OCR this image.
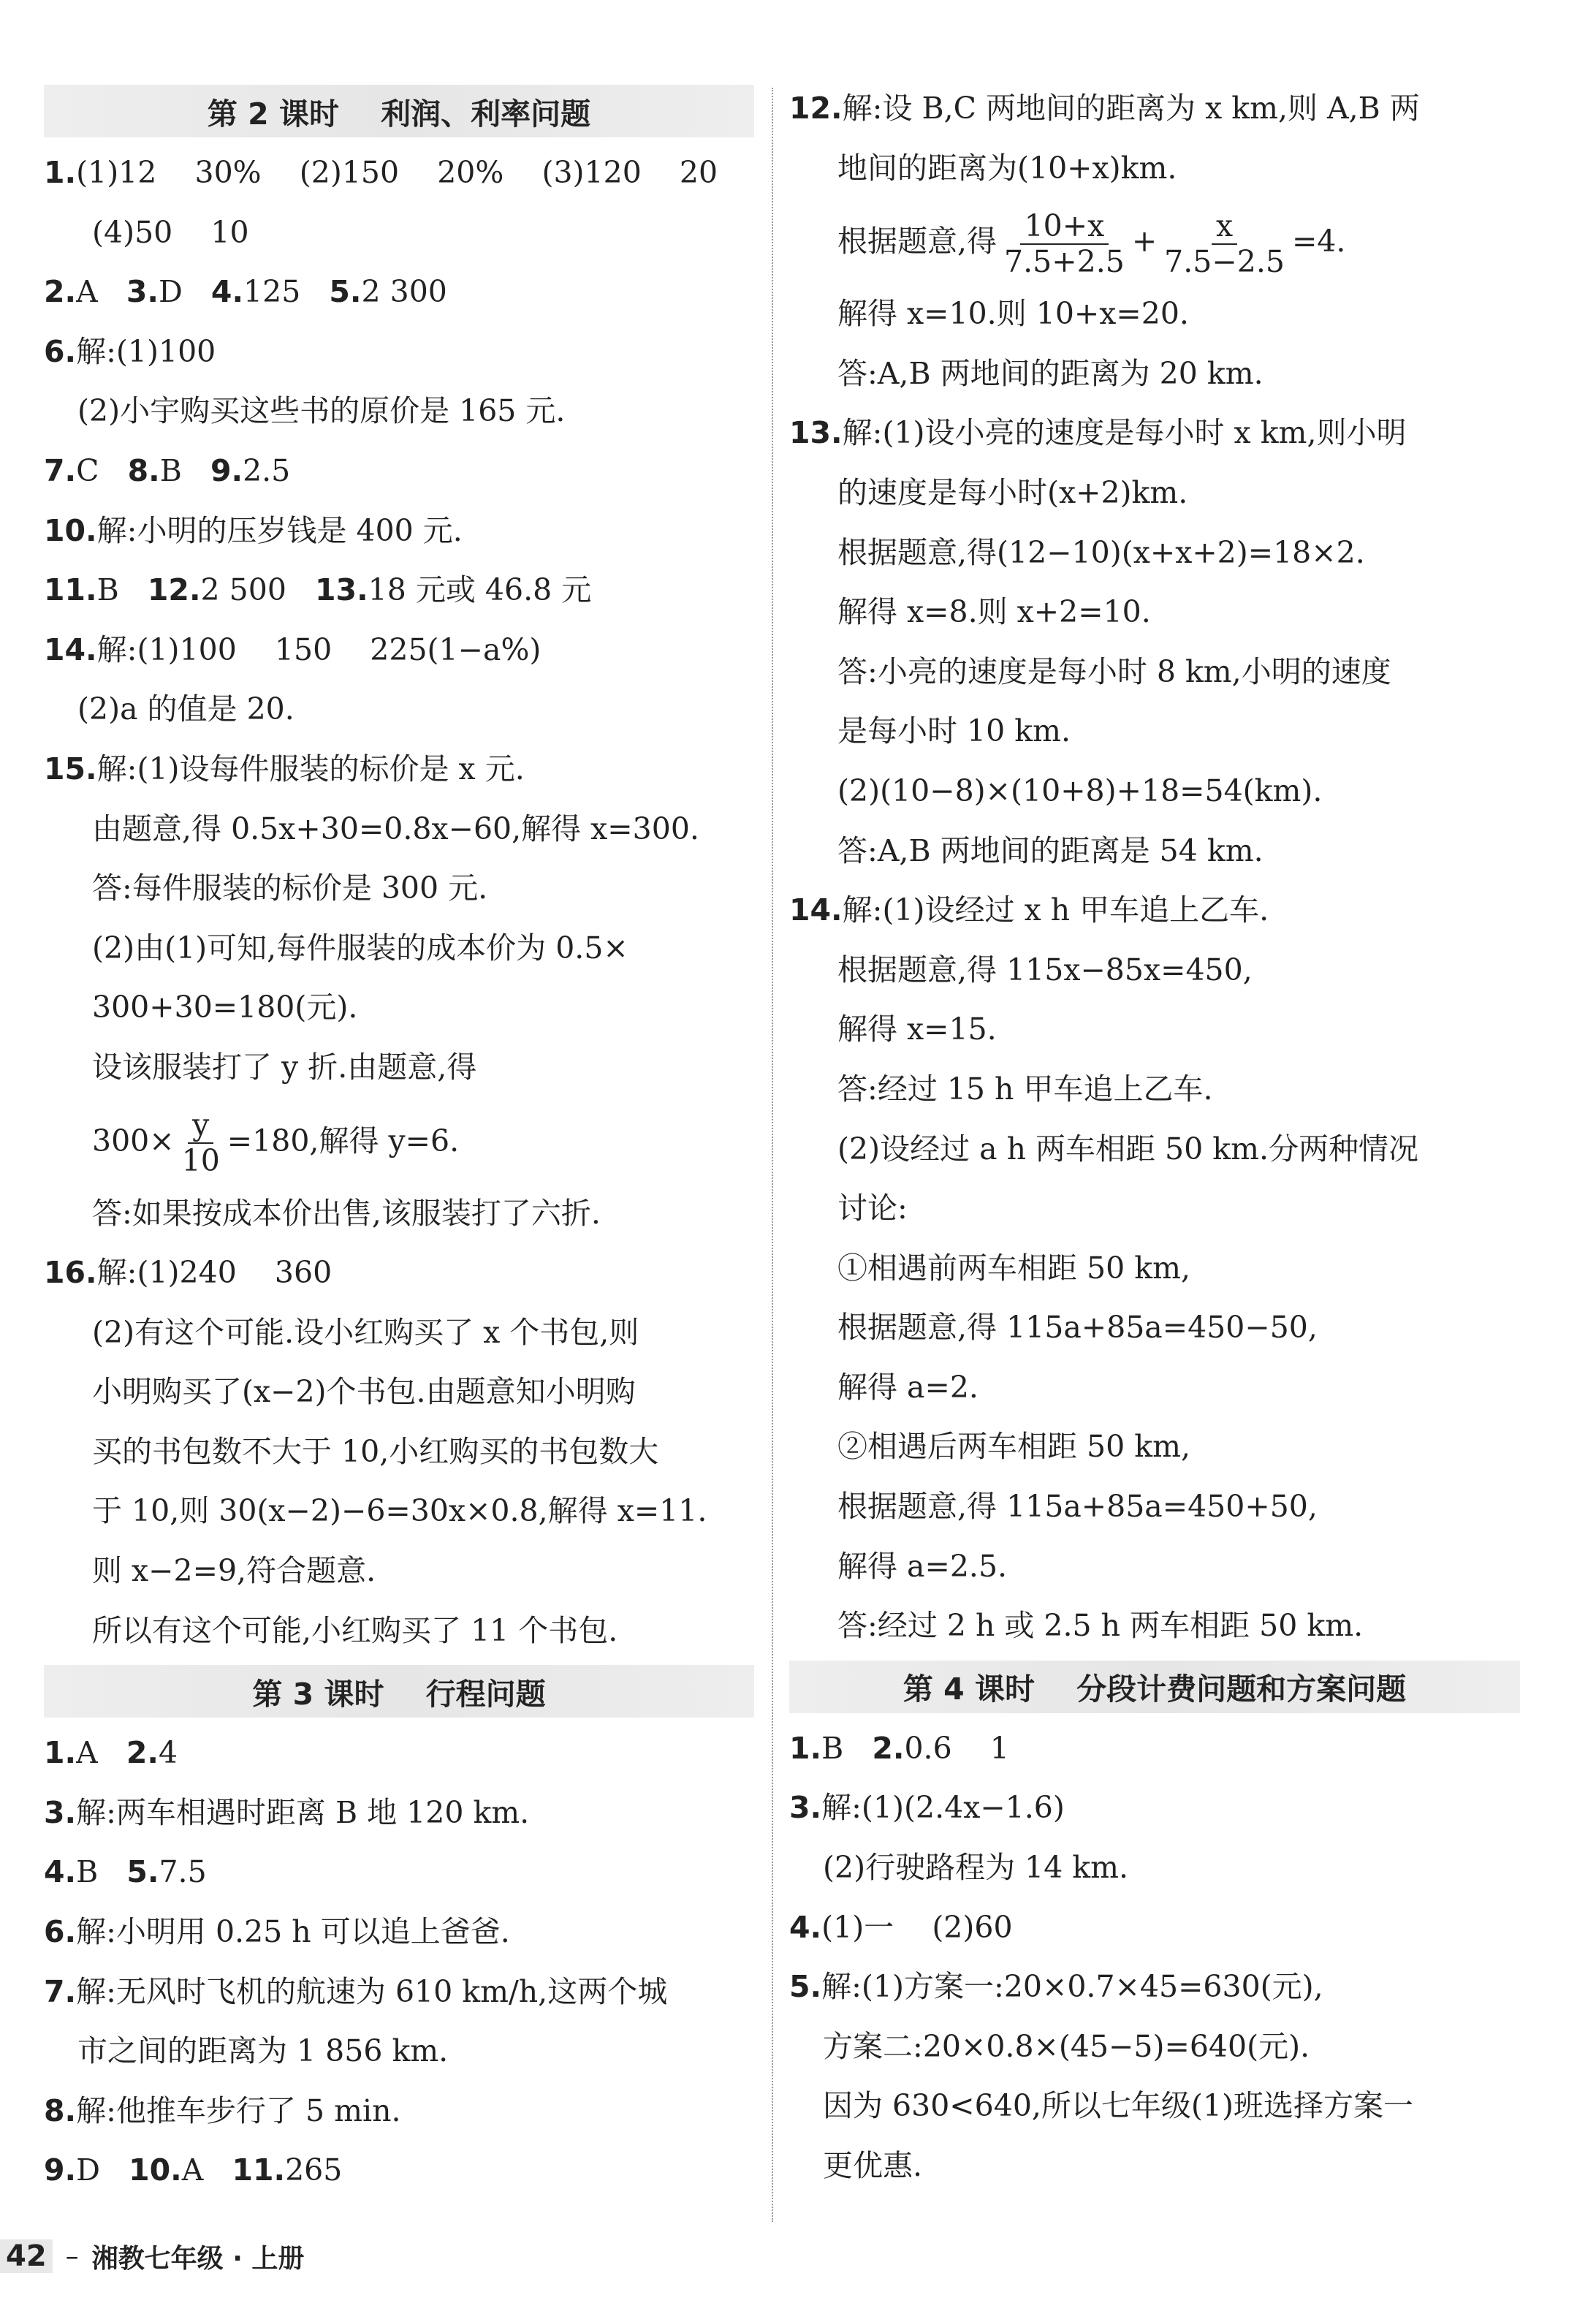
第 2 课时    利润、利率问题
1.(1)12    30%    (2)150    20%    (3)120    20
(4)50    10
2.A 3.D 4.125 5.2 300
6.解:(1)100
(2)小宇购买这些书的原价是 165 元.
7.C 8.B 9.2.5
10.解:小明的压岁钱是 400 元.
11.B 12.2 500 13.18 元或 46.8 元
14.解:(1)100    150    225(1−a%)
(2)a 的值是 20.
15.解:(1)设每件服装的标价是 x 元.
由题意,得 0.5x+30=0.8x−60,解得 x=300.
答:每件服装的标价是 300 元.
(2)由(1)可知,每件服装的成本价为 0.5×
300+30=180(元).
设该服装打了 y 折.由题意,得
$300\times \frac{y}{10} =180$,解得 y=6.
答:如果按成本价出售,该服装打了六折.
16.解:(1)240    360
(2)有这个可能.设小红购买了 x 个书包,则
小明购买了(x−2)个书包.由题意知小明购
买的书包数不大于 10,小红购买的书包数大
于 10,则 30(x−2)−6=30x×0.8,解得 x=11.
则 x−2=9,符合题意.
所以有这个可能,小红购买了 11 个书包.
第 3 课时    行程问题
1.A 2.4
3.解:两车相遇时距离 B 地 120 km.
4.B 5.7.5
6.解:小明用 0.25 h 可以追上爸爸.
7.解:无风时飞机的航速为 610 km/h,这两个城
市之间的距离为 1 856 km.
8.解:他推车步行了 5 min.
9.D 10.A 11.265
12.解:设 B,C 两地间的距离为 x km,则 A,B 两
地间的距离为(10+x)km.
根据题意,得 $\frac{10+x}{7.5+2.5} + \frac{x}{7.5-2.5} =4$.
解得 x=10.则 10+x=20.
答:A,B 两地间的距离为 20 km.
13.解:(1)设小亮的速度是每小时 x km,则小明
的速度是每小时(x+2)km.
根据题意,得(12−10)(x+x+2)=18×2.
解得 x=8.则 x+2=10.
答:小亮的速度是每小时 8 km,小明的速度
是每小时 10 km.
(2)(10−8)×(10+8)+18=54(km).
答:A,B 两地间的距离是 54 km.
14.解:(1)设经过 x h 甲车追上乙车.
根据题意,得 115x−85x=450,
解得 x=15.
答:经过 15 h 甲车追上乙车.
(2)设经过 a h 两车相距 50 km.分两种情况
讨论:
①相遇前两车相距 50 km,
根据题意,得 115a+85a=450−50,
解得 a=2.
②相遇后两车相距 50 km,
根据题意,得 115a+85a=450+50,
解得 a=2.5.
答:经过 2 h 或 2.5 h 两车相距 50 km.
第 4 课时    分段计费问题和方案问题
1.B 2.0.6    1
3.解:(1)(2.4x−1.6)
(2)行驶路程为 14 km.
4.(1)一    (2)60
5.解:(1)方案一:20×0.7×45=630(元),
方案二:20×0.8×(45−5)=640(元).
因为 630<640,所以七年级(1)班选择方案一
更优惠.
42 – 湘教七年级 · 上册
